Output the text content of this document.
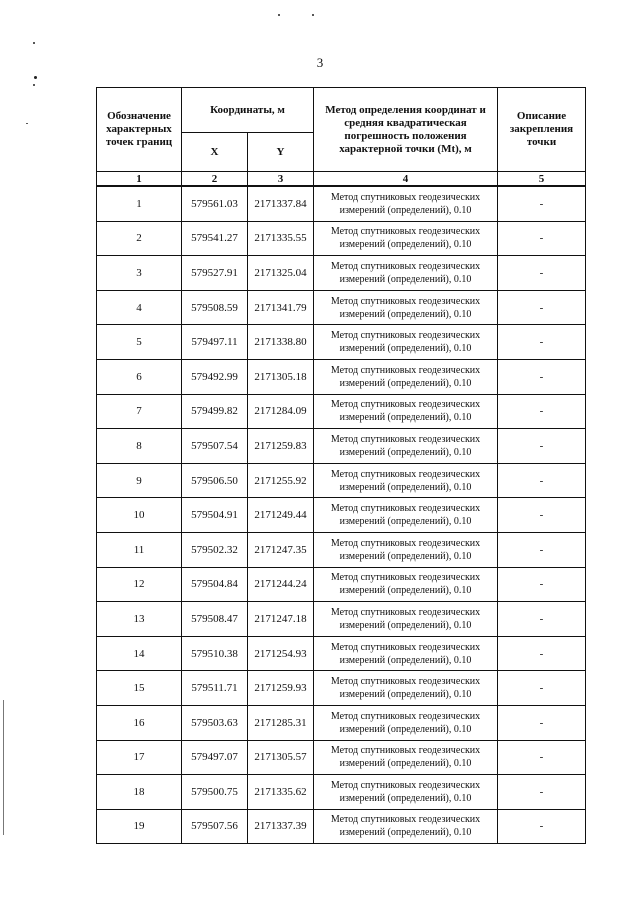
3
Обозначение характерных точек границ	Координаты, м		Метод определения координат и средняя квадратическая погрешность положения характерной точки (Mt), м	Описание закрепления точки
	X	Y		
1	2	3	4	5
1	579561.03	2171337.84	Метод спутниковых геодезических измерений (определений), 0.10	-
2	579541.27	2171335.55	Метод спутниковых геодезических измерений (определений), 0.10	-
3	579527.91	2171325.04	Метод спутниковых геодезических измерений (определений), 0.10	-
4	579508.59	2171341.79	Метод спутниковых геодезических измерений (определений), 0.10	-
5	579497.11	2171338.80	Метод спутниковых геодезических измерений (определений), 0.10	-
6	579492.99	2171305.18	Метод спутниковых геодезических измерений (определений), 0.10	-
7	579499.82	2171284.09	Метод спутниковых геодезических измерений (определений), 0.10	-
8	579507.54	2171259.83	Метод спутниковых геодезических измерений (определений), 0.10	-
9	579506.50	2171255.92	Метод спутниковых геодезических измерений (определений), 0.10	-
10	579504.91	2171249.44	Метод спутниковых геодезических измерений (определений), 0.10	-
11	579502.32	2171247.35	Метод спутниковых геодезических измерений (определений), 0.10	-
12	579504.84	2171244.24	Метод спутниковых геодезических измерений (определений), 0.10	-
13	579508.47	2171247.18	Метод спутниковых геодезических измерений (определений), 0.10	-
14	579510.38	2171254.93	Метод спутниковых геодезических измерений (определений), 0.10	-
15	579511.71	2171259.93	Метод спутниковых геодезических измерений (определений), 0.10	-
16	579503.63	2171285.31	Метод спутниковых геодезических измерений (определений), 0.10	-
17	579497.07	2171305.57	Метод спутниковых геодезических измерений (определений), 0.10	-
18	579500.75	2171335.62	Метод спутниковых геодезических измерений (определений), 0.10	-
19	579507.56	2171337.39	Метод спутниковых геодезических измерений (определений), 0.10	-
